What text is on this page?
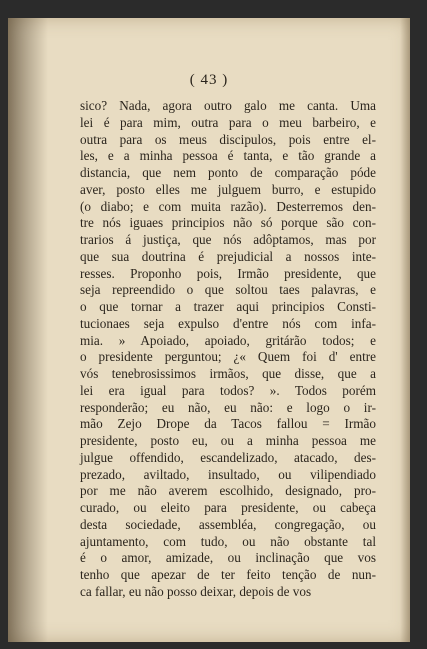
( 43 )
sico? Nada, agora outro galo me canta. Uma
lei é para mim, outra para o meu barbeiro, e
outra para os meus discipulos, pois entre el-
les, e a minha pessoa é tanta, e tão grande a
distancia, que nem ponto de comparação póde
aver, posto elles me julguem burro, e estupido
(o diabo; e com muita razão). Desterremos den-
tre nós iguaes principios não só porque são con-
trarios á justiça, que nós adôptamos, mas por
que sua doutrina é prejudicial a nossos inte-
resses. Proponho pois, Irmão presidente, que
seja repreendido o que soltou taes palavras, e
o que tornar a trazer aqui principios Consti-
tucionaes seja expulso d'entre nós com infa-
mia. » Apoiado, apoiado, gritárão todos; e
o presidente perguntou; ¿« Quem foi d' entre
vós tenebrosissimos irmãos, que disse, que a
lei era igual para todos? ». Todos porém
responderão; eu não, eu não: e logo o ir-
mão Zejo Drope da Tacos fallou = Irmão
presidente, posto eu, ou a minha pessoa me
julgue offendido, escandelizado, atacado, des-
prezado, aviltado, insultado, ou vilipendiado
por me não averem escolhido, designado, pro-
curado, ou eleito para presidente, ou cabeça
desta sociedade, assembléa, congregação, ou
ajuntamento, com tudo, ou não obstante tal
é o amor, amizade, ou inclinação que vos
tenho que apezar de ter feito tenção de nun-
ca fallar, eu não posso deixar, depois de vos
